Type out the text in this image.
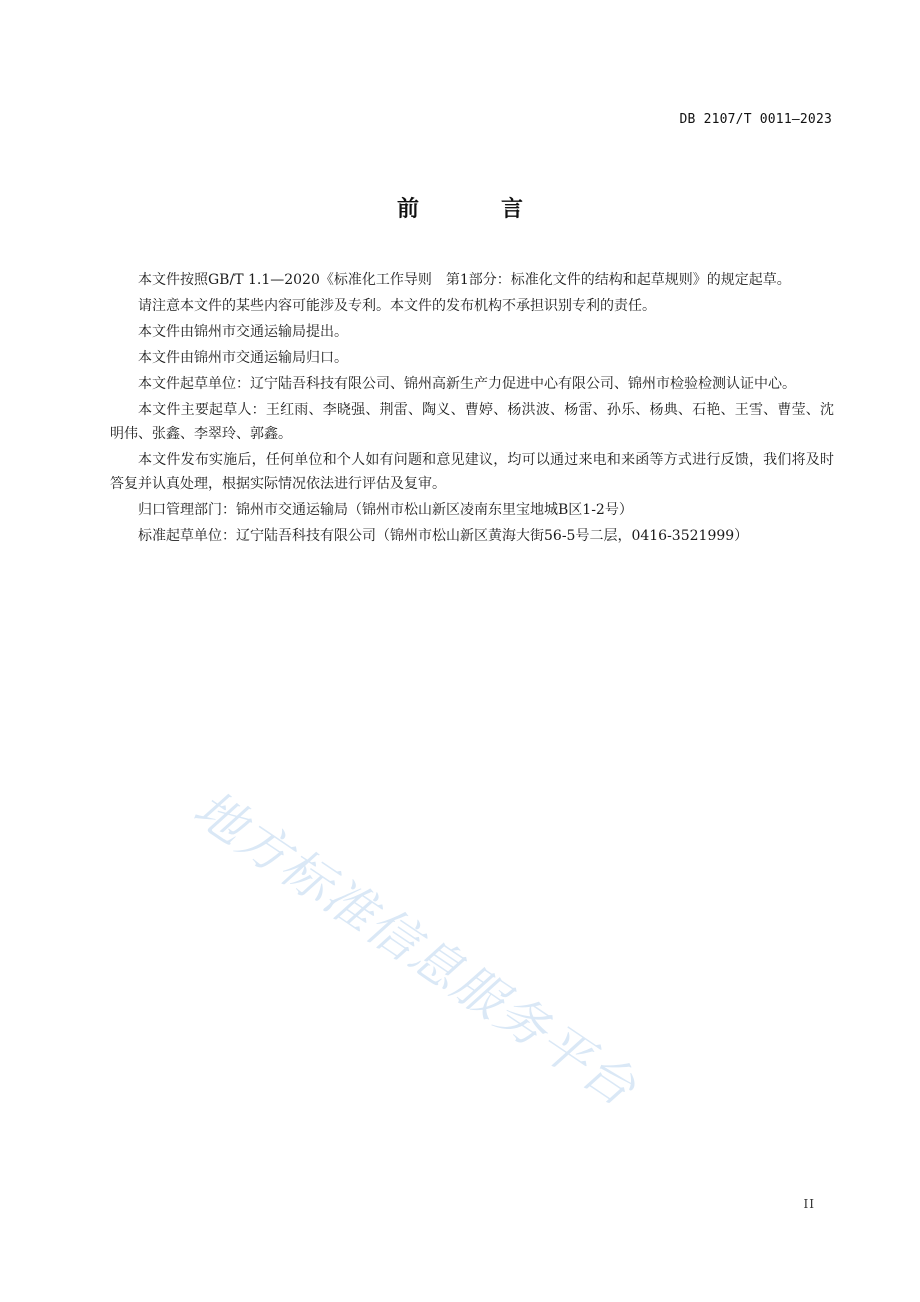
DB 2107/T 0011—2023
前　言

本文件按照GB/T 1.1—2020《标准化工作导则　第1部分：标准化文件的结构和起草规则》的规定起草。

请注意本文件的某些内容可能涉及专利。本文件的发布机构不承担识别专利的责任。

本文件由锦州市交通运输局提出。

本文件由锦州市交通运输局归口。

本文件起草单位：辽宁陆吾科技有限公司、锦州高新生产力促进中心有限公司、锦州市检验检测认证中心。

本文件主要起草人：王红雨、李晓强、荆雷、陶义、曹婷、杨洪波、杨雷、孙乐、杨典、石艳、王雪、曹莹、沈明伟、张鑫、李翠玲、郭鑫。

本文件发布实施后，任何单位和个人如有问题和意见建议，均可以通过来电和来函等方式进行反馈，我们将及时答复并认真处理，根据实际情况依法进行评估及复审。

归口管理部门：锦州市交通运输局（锦州市松山新区凌南东里宝地城B区1-2号）

标准起草单位：辽宁陆吾科技有限公司（锦州市松山新区黄海大街56-5号二层，0416-3521999）

地方标准信息服务平台
II
